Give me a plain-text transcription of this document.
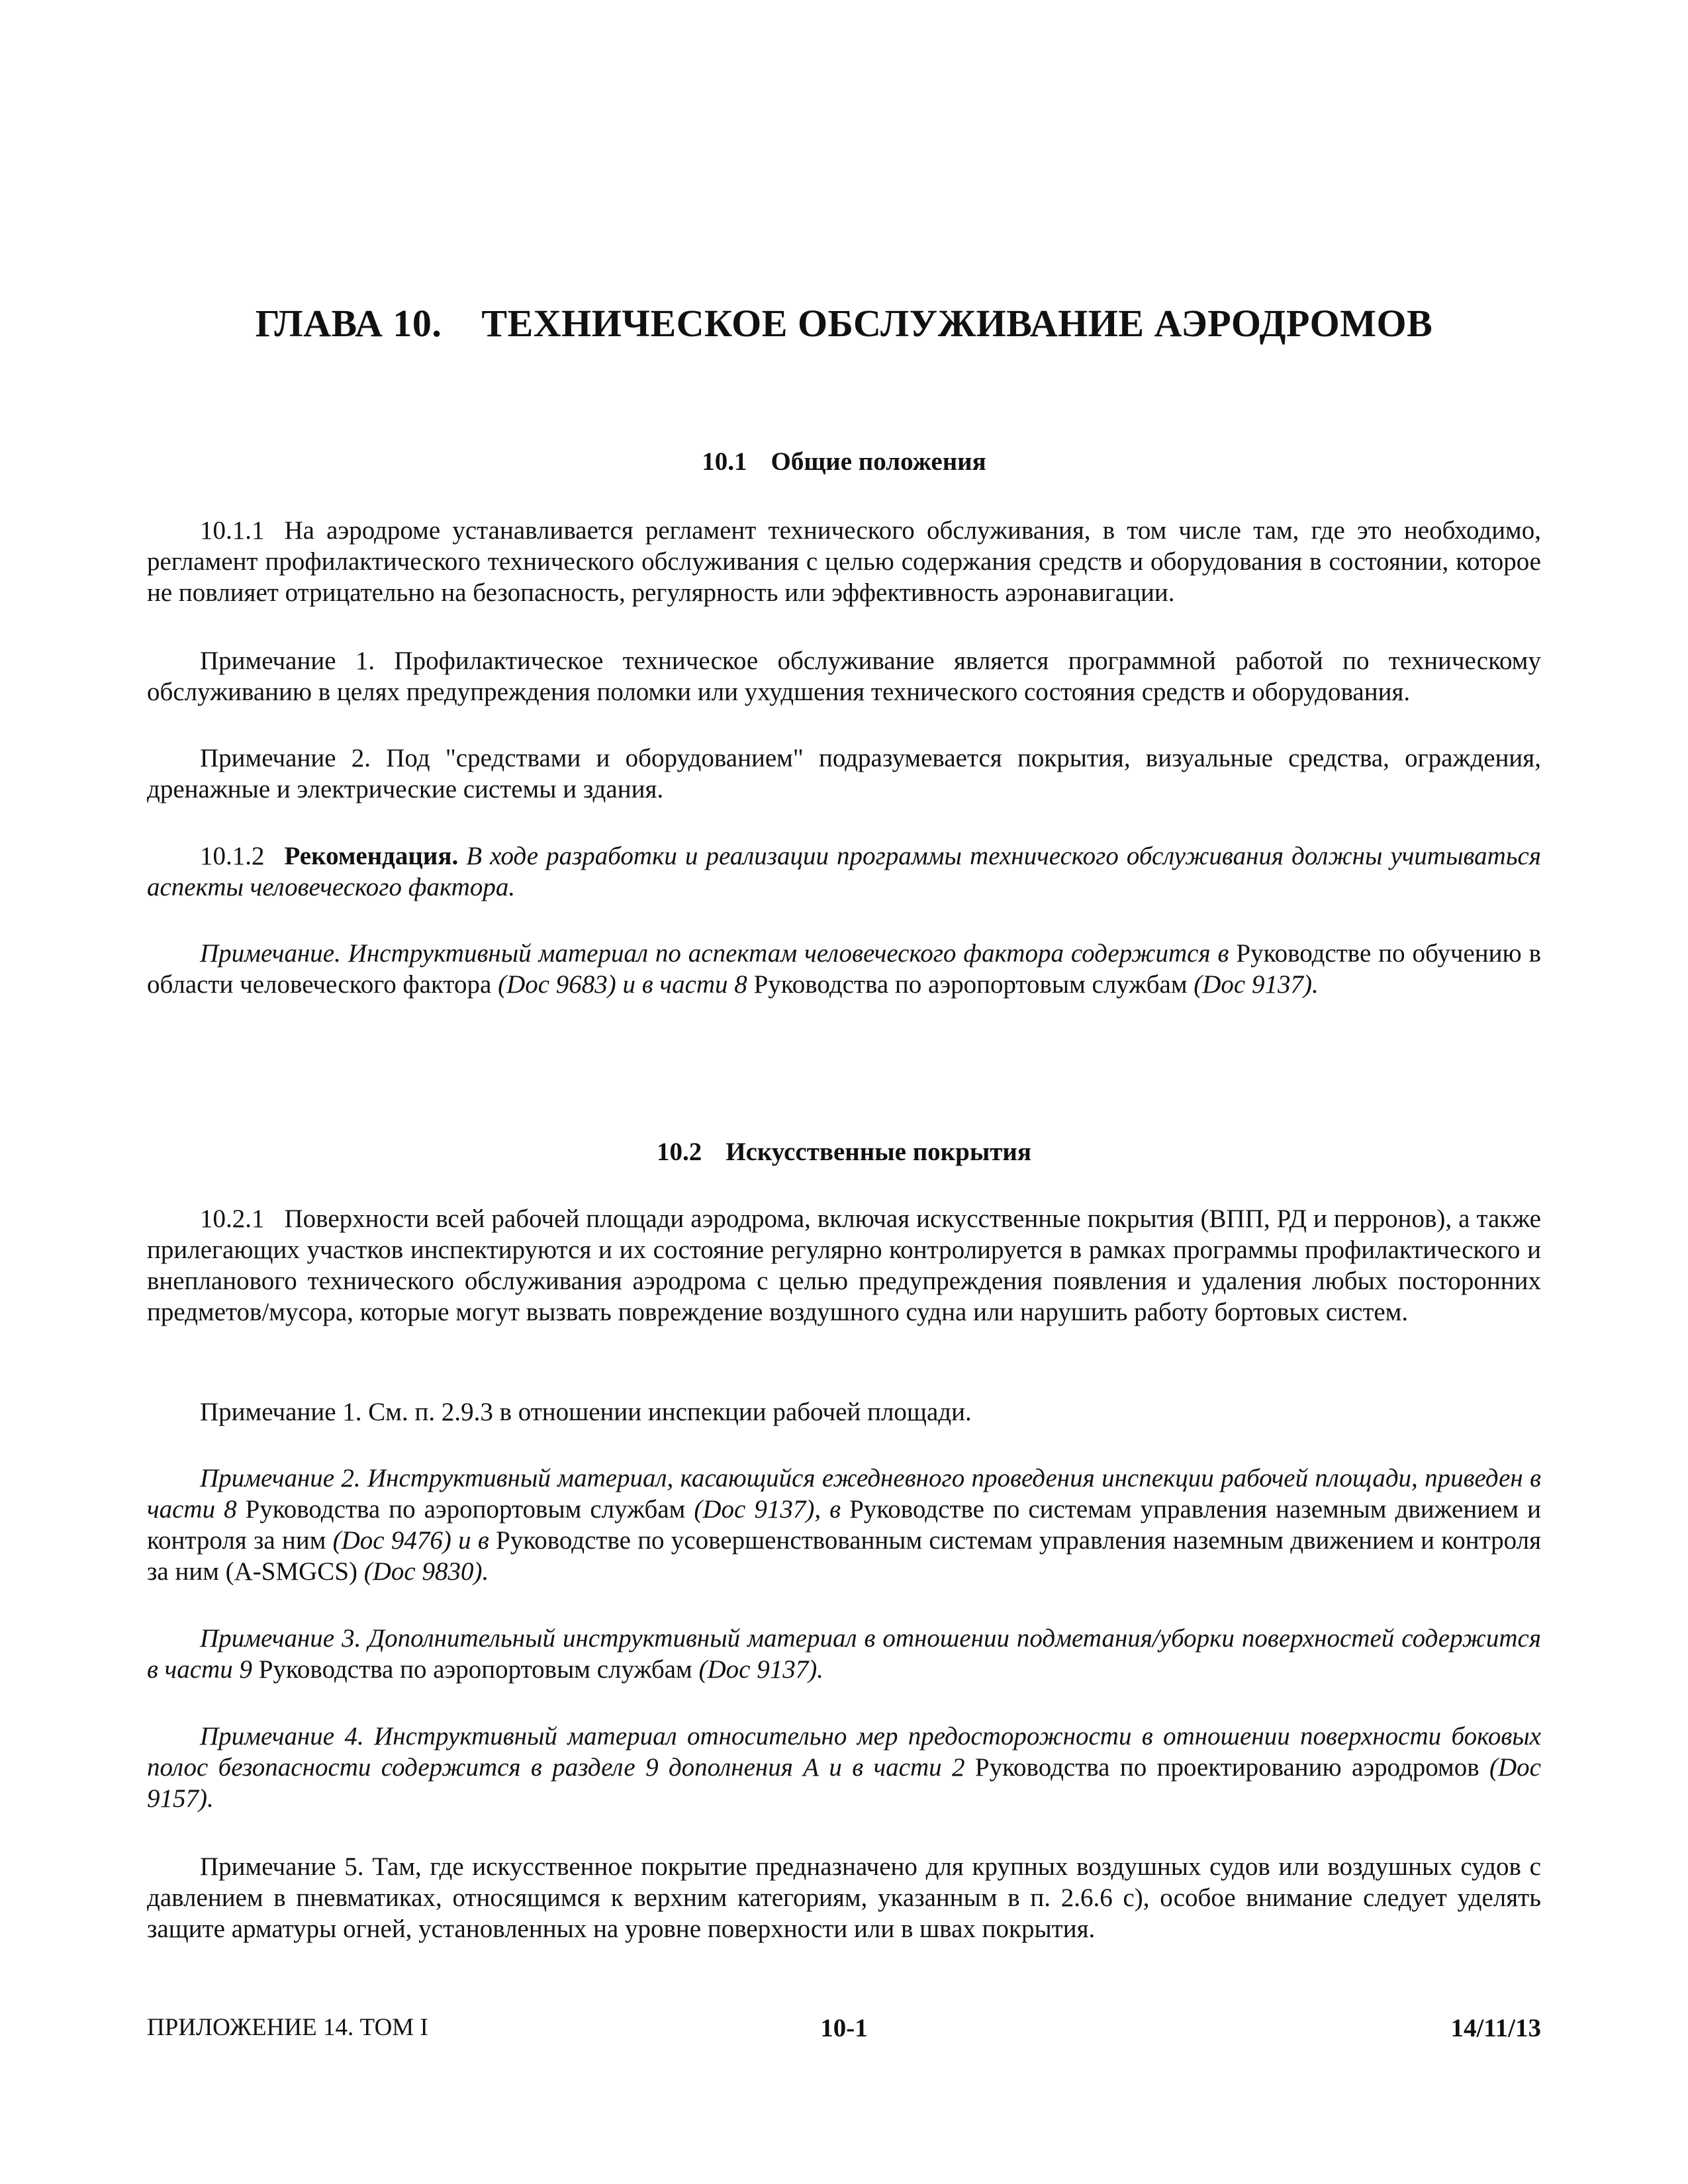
ГЛАВА 10. ТЕХНИЧЕСКОЕ ОБСЛУЖИВАНИЕ АЭРОДРОМОВ
10.1 Общие положения

10.1.1 На аэродроме устанавливается регламент технического обслуживания, в том числе там, где это необходимо, регламент профилактического технического обслуживания с целью содержания средств и оборудования в состоянии, которое не повлияет отрицательно на безопасность, регулярность или эффективность аэронавигации.

Примечание 1. Профилактическое техническое обслуживание является программной работой по техническому обслуживанию в целях предупреждения поломки или ухудшения технического состояния средств и оборудования.

Примечание 2. Под "средствами и оборудованием" подразумевается покрытия, визуальные средства, ограждения, дренажные и электрические системы и здания.

10.1.2 Рекомендация. В ходе разработки и реализации программы технического обслуживания должны учитываться аспекты человеческого фактора.

Примечание. Инструктивный материал по аспектам человеческого фактора содержится в Руководстве по обучению в области человеческого фактора (Doc 9683) и в части 8 Руководства по аэропортовым службам (Doc 9137).

10.2 Искусственные покрытия

10.2.1 Поверхности всей рабочей площади аэродрома, включая искусственные покрытия (ВПП, РД и перронов), а также прилегающих участков инспектируются и их состояние регулярно контролируется в рамках программы профилактического и внепланового технического обслуживания аэродрома с целью предупреждения появления и удаления любых посторонних предметов/мусора, которые могут вызвать повреждение воздушного судна или нарушить работу бортовых систем.

Примечание 1. См. п. 2.9.3 в отношении инспекции рабочей площади.

Примечание 2. Инструктивный материал, касающийся ежедневного проведения инспекции рабочей площади, приведен в части 8 Руководства по аэропортовым службам (Doc 9137), в Руководстве по системам управления наземным движением и контроля за ним (Doc 9476) и в Руководстве по усовершенствованным системам управления наземным движением и контроля за ним (A-SMGCS) (Doc 9830).

Примечание 3. Дополнительный инструктивный материал в отношении подметания/уборки поверхностей содержится в части 9 Руководства по аэропортовым службам (Doc 9137).

Примечание 4. Инструктивный материал относительно мер предосторожности в отношении поверхности боковых полос безопасности содержится в разделе 9 дополнения А и в части 2 Руководства по проектированию аэродромов (Doc 9157).

Примечание 5. Там, где искусственное покрытие предназначено для крупных воздушных судов или воздушных судов с давлением в пневматиках, относящимся к верхним категориям, указанным в п. 2.6.6 с), особое внимание следует уделять защите арматуры огней, установленных на уровне поверхности или в швах покрытия.

ПРИЛОЖЕНИЕ 14. ТОМ I	10-1	14/11/13
